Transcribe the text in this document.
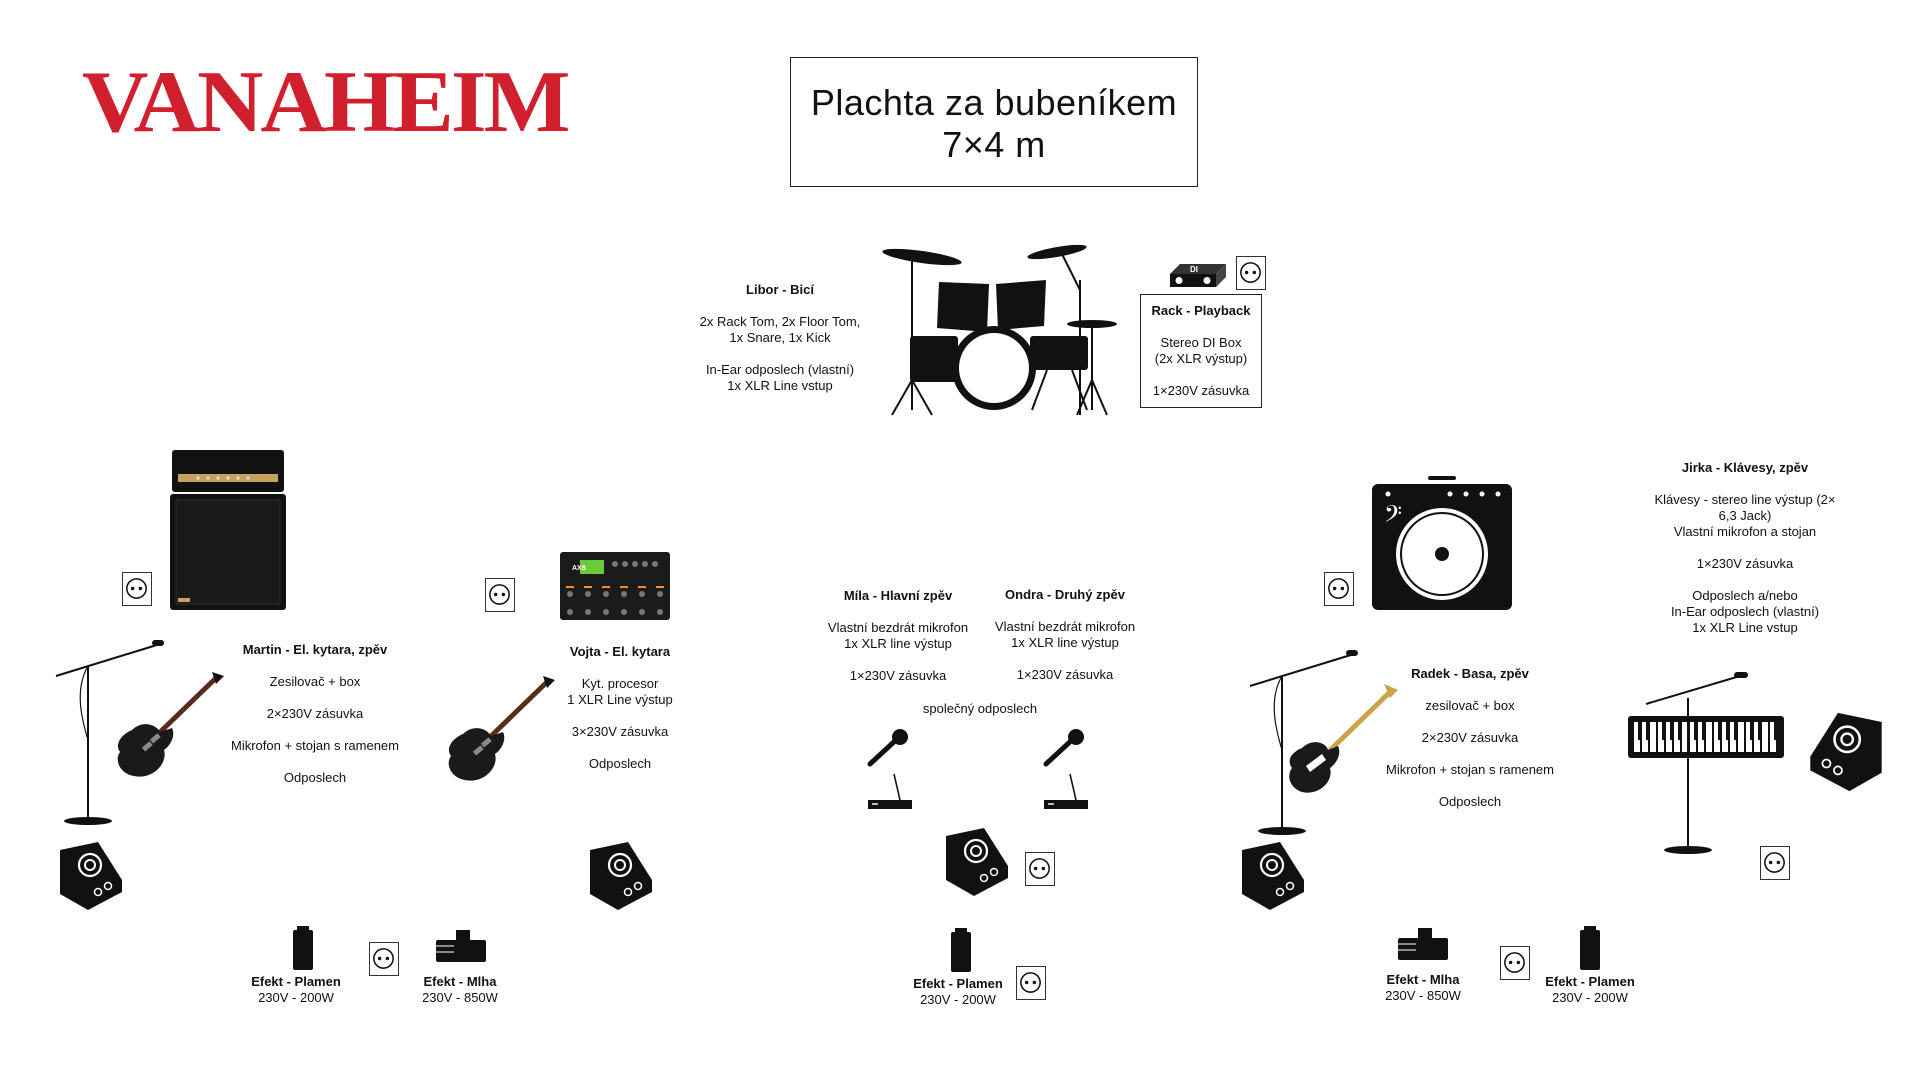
VANAHEIM	Plachta za bubeníkem
7×4 m
Libor - Bicí
2x Rack Tom, 2x Floor Tom,
1x Snare, 1x Kick
In-Ear odposlech (vlastní)
1x XLR Line vstup
DI
Rack - Playback
Stereo DI Box
(2x XLR výstup)
1×230V zásuvka
AX8
Martin - El. kytara, zpěv
Zesilovač + box
2×230V zásuvka
Mikrofon + stojan s ramenem
Odposlech
Vojta - El. kytara
Kyt. procesor
1 XLR Line výstup
3×230V zásuvka
Odposlech
Míla - Hlavní zpěv
Vlastní bezdrát mikrofon
1x XLR line výstup
1×230V zásuvka
Ondra - Druhý zpěv
Vlastní bezdrát mikrofon
1x XLR line výstup
1×230V zásuvka
společný odposlech
𝄢
Radek - Basa, zpěv
zesilovač + box
2×230V zásuvka
Mikrofon + stojan s ramenem
Odposlech
Jirka - Klávesy, zpěv
Klávesy - stereo line výstup (2×
6,3 Jack)
Vlastní mikrofon a stojan
1×230V zásuvka
Odposlech a/nebo
In-Ear odposlech (vlastní)
1x XLR Line vstup
Efekt - Plamen
230V - 200W
Efekt - Mlha
230V - 850W
Efekt - Plamen
230V - 200W
Efekt - Mlha
230V - 850W
Efekt - Plamen
230V - 200W
